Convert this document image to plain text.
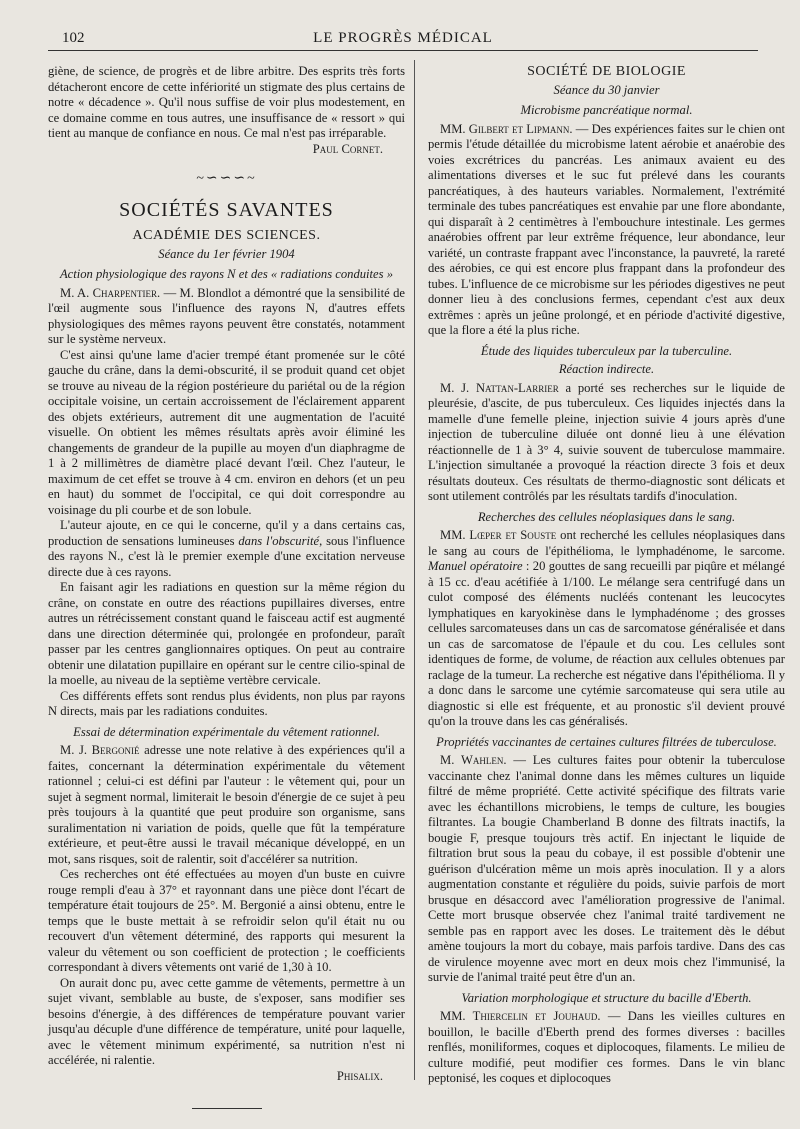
102	LE PROGRÈS MÉDICAL

giène, de science, de progrès et de libre arbitre. Des esprits très forts détacheront encore de cette infériorité un stigmate des plus certains de notre « décadence ». Qu'il nous suffise de voir plus modestement, en ce domaine comme en tous autres, une insuffisance de « ressort » qui tient au manque de confiance en nous. Ce mal n'est pas irréparable.

Paul Cornet.

~∽∽∽~

SOCIÉTÉS SAVANTES

ACADÉMIE DES SCIENCES.

Séance du 1er février 1904

Action physiologique des rayons N et des « radiations conduites »

M. A. Charpentier. — M. Blondlot a démontré que la sensibilité de l'œil augmente sous l'influence des rayons N, d'autres effets physiologiques des mêmes rayons peuvent être constatés, notamment sur le système nerveux.

C'est ainsi qu'une lame d'acier trempé étant promenée sur le côté gauche du crâne, dans la demi-obscurité, il se produit quand cet objet se trouve au niveau de la région postérieure du pariétal ou de la région occipitale voisine, un certain accroissement de l'éclairement apparent des objets extérieurs, autrement dit une augmentation de l'acuité visuelle. On obtient les mêmes résultats après avoir éliminé les changements de grandeur de la pupille au moyen d'un diaphragme de 1 à 2 millimètres de diamètre placé devant l'œil. Chez l'auteur, le maximum de cet effet se trouve à 4 cm. environ en dehors (et un peu en haut) du sommet de l'occipital, ce qui doit correspondre au voisinage du pli courbe et de son lobule.

L'auteur ajoute, en ce qui le concerne, qu'il y a dans certains cas, production de sensations lumineuses dans l'obscurité, sous l'influence des rayons N., c'est là le premier exemple d'une excitation nerveuse directe due à ces rayons.

En faisant agir les radiations en question sur la même région du crâne, on constate en outre des réactions pupillaires diverses, entre autres un rétrécissement constant quand le faisceau actif est augmenté dans une direction déterminée qui, prolongée en profondeur, paraît passer par les centres ganglionnaires optiques. On peut au contraire obtenir une dilatation pupillaire en opérant sur le centre cilio-spinal de la moelle, au niveau de la septième vertèbre cervicale.

Ces différents effets sont rendus plus évidents, non plus par rayons N directs, mais par les radiations conduites.

Essai de détermination expérimentale du vêtement rationnel.

M. J. Bergonié adresse une note relative à des expériences qu'il a faites, concernant la détermination expérimentale du vêtement rationnel ; celui-ci est défini par l'auteur : le vêtement qui, pour un sujet à segment normal, limiterait le besoin d'énergie de ce sujet à peu près toujours à la quantité que peut produire son organisme, sans suralimentation ni variation de poids, quelle que fût la température extérieure, et peut-être aussi le travail mécanique développé, en un mot, sans risques, soit de ralentir, soit d'accélérer sa nutrition.

Ces recherches ont été effectuées au moyen d'un buste en cuivre rouge rempli d'eau à 37° et rayonnant dans une pièce dont l'écart de température était toujours de 25°. M. Bergonié a ainsi obtenu, entre le temps que le buste mettait à se refroidir selon qu'il était nu ou recouvert d'un vêtement déterminé, des rapports qui mesurent la valeur du vêtement ou son coefficient de protection ; le coefficients correspondant à divers vêtements ont varié de 1,30 à 10.

On aurait donc pu, avec cette gamme de vêtements, permettre à un sujet vivant, semblable au buste, de s'exposer, sans modifier ses besoins d'énergie, à des différences de température pouvant varier jusqu'au décuple d'une différence de température, unité pour laquelle, avec le vêtement minimum expérimenté, sa nutrition n'est ni accélérée, ni ralentie.

Phisalix.

SOCIÉTÉ DE BIOLOGIE

Séance du 30 janvier

Microbisme pancréatique normal.

MM. Gilbert et Lipmann. — Des expériences faites sur le chien ont permis l'étude détaillée du microbisme latent aérobie et anaérobie des voies excrétrices du pancréas. Les animaux avaient eu des alimentations diverses et le suc fut prélevé dans les courants pancréatiques, à des hauteurs variables. Normalement, l'extrémité terminale des tubes pancréatiques est envahie par une flore abondante, qui disparaît à 2 centimètres à l'embouchure intestinale. Les germes anaérobies offrent par leur extrême fréquence, leur abondance, leur variété, un contraste frappant avec l'inconstance, la pauvreté, la rareté des aérobies, ce qui est encore plus frappant dans la profondeur des tubes. L'influence de ce microbisme sur les périodes digestives ne peut donner lieu à des conclusions fermes, cependant c'est aux deux extrêmes : après un jeûne prolongé, et en période d'activité digestive, que la flore a été la plus riche.

Étude des liquides tuberculeux par la tuberculine.

Réaction indirecte.

M. J. Nattan-Larrier a porté ses recherches sur le liquide de pleurésie, d'ascite, de pus tuberculeux. Ces liquides injectés dans la mamelle d'une femelle pleine, injection suivie 4 jours après d'une injection de tuberculine diluée ont donné lieu à une élévation réactionnelle de 1 à 3° 4, suivie souvent de tuberculose mammaire. L'injection simultanée a provoqué la réaction directe 3 fois et deux résultats douteux. Ces résultats de thermo-diagnostic sont délicats et sont utilement contrôlés par les résultats tardifs d'inoculation.

Recherches des cellules néoplasiques dans le sang.

MM. Lœper et Souste ont recherché les cellules néoplasiques dans le sang au cours de l'épithélioma, le lymphadénome, le sarcome. Manuel opératoire : 20 gouttes de sang recueilli par piqûre et mélangé à 15 cc. d'eau acétifiée à 1/100. Le mélange sera centrifugé dans un culot composé des éléments nucléés contenant les leucocytes lymphatiques en karyokinèse dans le lymphadénome ; des grosses cellules sarcomateuses dans un cas de sarcomatose généralisée et dans un cas de sarcomatose de l'épaule et du cou. Les cellules sont identiques de forme, de volume, de réaction aux cellules obtenues par raclage de la tumeur. La recherche est négative dans l'épithélioma. Il y a donc dans le sarcome une cytémie sarcomateuse qui sera utile au diagnostic si elle est fréquente, et au pronostic s'il devient prouvé qu'on la trouve dans les cas généralisés.

Propriétés vaccinantes de certaines cultures filtrées de tuberculose.

M. Wahlen. — Les cultures faites pour obtenir la tuberculose vaccinante chez l'animal donne dans les mêmes cultures un liquide filtré de même propriété. Cette activité spécifique des filtrats varie avec les échantillons microbiens, le temps de culture, les bougies filtrantes. La bougie Chamberland B donne des filtrats inactifs, la bougie F, presque toujours très actif. En injectant le liquide de filtration brut sous la peau du cobaye, il est possible d'obtenir une guérison d'ulcération même un mois après inoculation. Il y a alors augmentation constante et régulière du poids, suivie parfois de mort brusque en désaccord avec l'amélioration progressive de l'animal. Cette mort brusque observée chez l'animal traité tardivement ne semble pas en rapport avec les doses. Le traitement dès le début amène toujours la mort du cobaye, mais parfois tardive. Dans des cas de virulence moyenne avec mort en deux mois chez l'immunisé, la survie de l'animal traité peut être d'un an.

Variation morphologique et structure du bacille d'Eberth.

MM. Thiercelin et Jouhaud. — Dans les vieilles cultures en bouillon, le bacille d'Eberth prend des formes diverses : bacilles renflés, moniliformes, coques et diplocoques, filaments. Le milieu de culture modifié, peut modifier ces formes. Dans le vin blanc peptonisé, les coques et diplocoques
